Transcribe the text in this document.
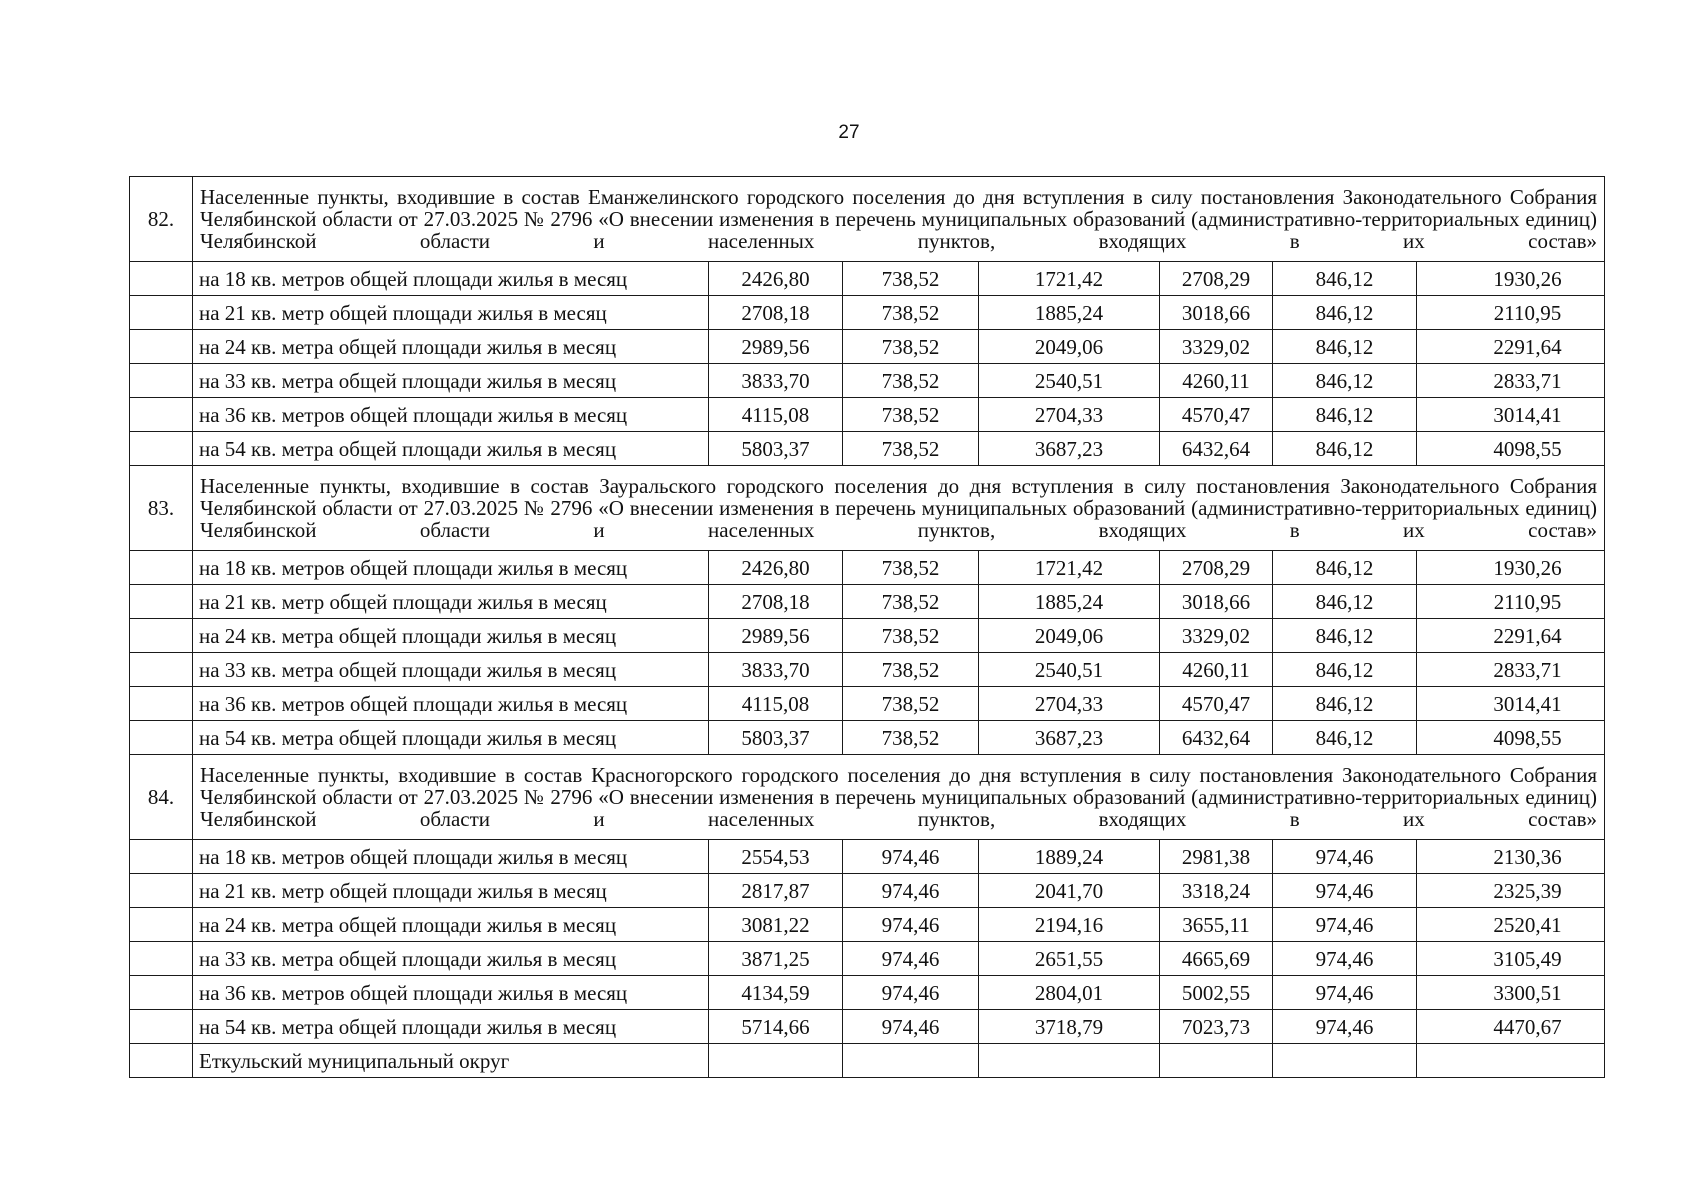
27
82.	Населенные пункты, входившие в состав Еманжелинского городского поселения до дня вступления в силу постановления Законодательного Собрания Челябинской области от 27.03.2025 № 2796 «О внесении изменения в перечень муниципальных образований (административно-территориальных единиц) Челябинской области и населенных пунктов, входящих в их состав»						
	на 18 кв. метров общей площади жилья в месяц	2426,80	738,52	1721,42	2708,29	846,12	1930,26
	на 21 кв. метр общей площади жилья в месяц	2708,18	738,52	1885,24	3018,66	846,12	2110,95
	на 24 кв. метра общей площади жилья в месяц	2989,56	738,52	2049,06	3329,02	846,12	2291,64
	на 33 кв. метра общей площади жилья в месяц	3833,70	738,52	2540,51	4260,11	846,12	2833,71
	на 36 кв. метров общей площади жилья в месяц	4115,08	738,52	2704,33	4570,47	846,12	3014,41
	на 54 кв. метра общей площади жилья в месяц	5803,37	738,52	3687,23	6432,64	846,12	4098,55
83.	Населенные пункты, входившие в состав Зауральского городского поселения до дня вступления в силу постановления Законодательного Собрания Челябинской области от 27.03.2025 № 2796 «О внесении изменения в перечень муниципальных образований (административно-территориальных единиц) Челябинской области и населенных пунктов, входящих в их состав»						
	на 18 кв. метров общей площади жилья в месяц	2426,80	738,52	1721,42	2708,29	846,12	1930,26
	на 21 кв. метр общей площади жилья в месяц	2708,18	738,52	1885,24	3018,66	846,12	2110,95
	на 24 кв. метра общей площади жилья в месяц	2989,56	738,52	2049,06	3329,02	846,12	2291,64
	на 33 кв. метра общей площади жилья в месяц	3833,70	738,52	2540,51	4260,11	846,12	2833,71
	на 36 кв. метров общей площади жилья в месяц	4115,08	738,52	2704,33	4570,47	846,12	3014,41
	на 54 кв. метра общей площади жилья в месяц	5803,37	738,52	3687,23	6432,64	846,12	4098,55
84.	Населенные пункты, входившие в состав Красногорского городского поселения до дня вступления в силу постановления Законодательного Собрания Челябинской области от 27.03.2025 № 2796 «О внесении изменения в перечень муниципальных образований (административно-территориальных единиц) Челябинской области и населенных пунктов, входящих в их состав»						
	на 18 кв. метров общей площади жилья в месяц	2554,53	974,46	1889,24	2981,38	974,46	2130,36
	на 21 кв. метр общей площади жилья в месяц	2817,87	974,46	2041,70	3318,24	974,46	2325,39
	на 24 кв. метра общей площади жилья в месяц	3081,22	974,46	2194,16	3655,11	974,46	2520,41
	на 33 кв. метра общей площади жилья в месяц	3871,25	974,46	2651,55	4665,69	974,46	3105,49
	на 36 кв. метров общей площади жилья в месяц	4134,59	974,46	2804,01	5002,55	974,46	3300,51
	на 54 кв. метра общей площади жилья в месяц	5714,66	974,46	3718,79	7023,73	974,46	4470,67
	Еткульский муниципальный округ						
